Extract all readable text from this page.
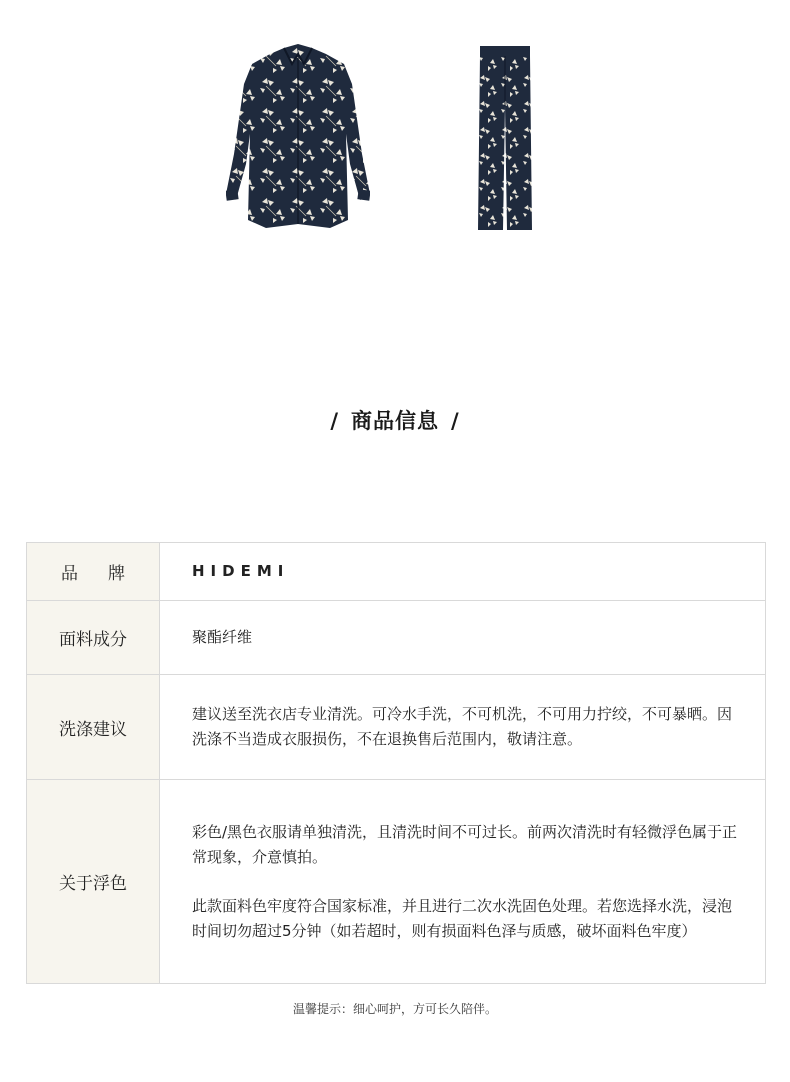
/ 商品信息 /
品牌	HIDEMI
面料成分	聚酯纤维
洗涤建议	建议送至洗衣店专业清洗。可冷水手洗，不可机洗，不可用力拧绞，不可暴晒。因洗涤不当造成衣服损伤，不在退换售后范围内，敬请注意。

关于浮色	彩色/黑色衣服请单独清洗，且清洗时间不可过长。前两次清洗时有轻微浮色属于正常现象，介意慎拍。
此款面料色牢度符合国家标准，并且进行二次水洗固色处理。若您选择水洗，浸泡时间切勿超过5分钟（如若超时，则有损面料色泽与质感，破坏面料色牢度）
温馨提示：细心呵护，方可长久陪伴。
